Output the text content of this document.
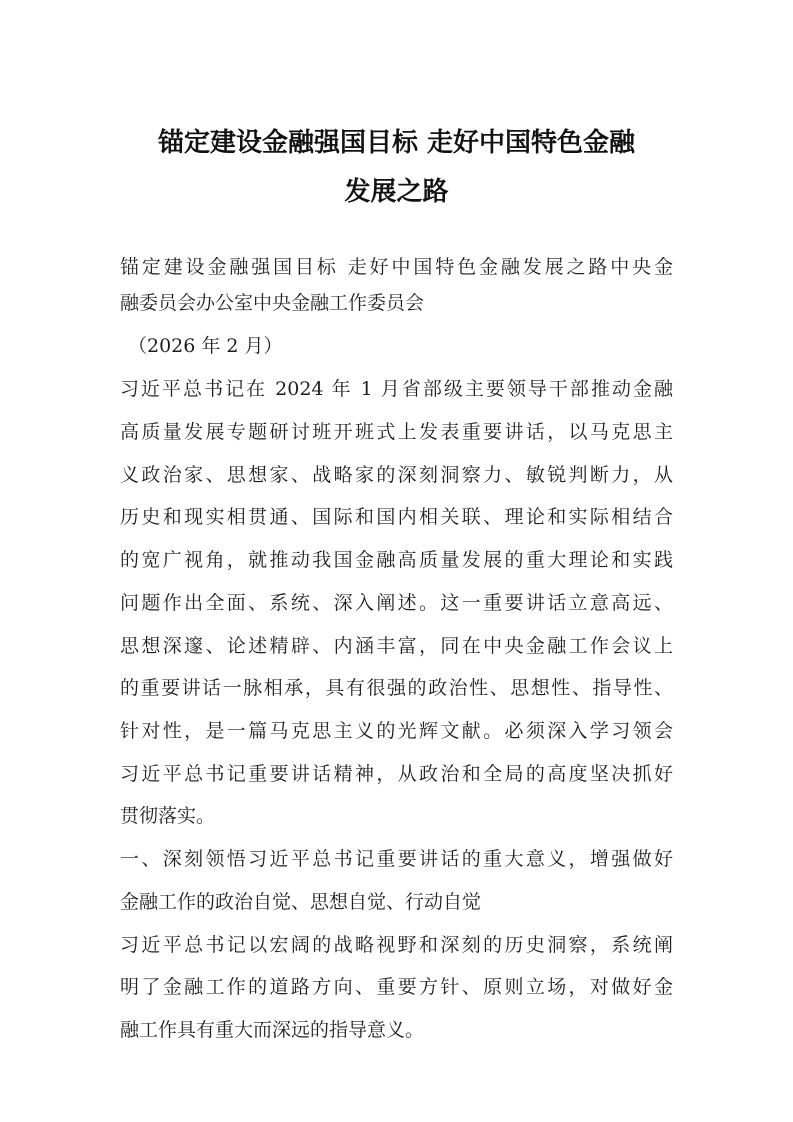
锚定建设金融强国目标 走好中国特色金融
发展之路
锚定建设金融强国目标 走好中国特色金融发展之路中央金
融委员会办公室中央金融工作委员会
（2026 年 2 月）
习近平总书记在 2024 年 1 月省部级主要领导干部推动金融
高质量发展专题研讨班开班式上发表重要讲话，以马克思主
义政治家、思想家、战略家的深刻洞察力、敏锐判断力，从
历史和现实相贯通、国际和国内相关联、理论和实际相结合
的宽广视角，就推动我国金融高质量发展的重大理论和实践
问题作出全面、系统、深入阐述。这一重要讲话立意高远、
思想深邃、论述精辟、内涵丰富，同在中央金融工作会议上
的重要讲话一脉相承，具有很强的政治性、思想性、指导性、
针对性，是一篇马克思主义的光辉文献。必须深入学习领会
习近平总书记重要讲话精神，从政治和全局的高度坚决抓好
贯彻落实。
一、深刻领悟习近平总书记重要讲话的重大意义，增强做好
金融工作的政治自觉、思想自觉、行动自觉
习近平总书记以宏阔的战略视野和深刻的历史洞察，系统阐
明了金融工作的道路方向、重要方针、原则立场，对做好金
融工作具有重大而深远的指导意义。
